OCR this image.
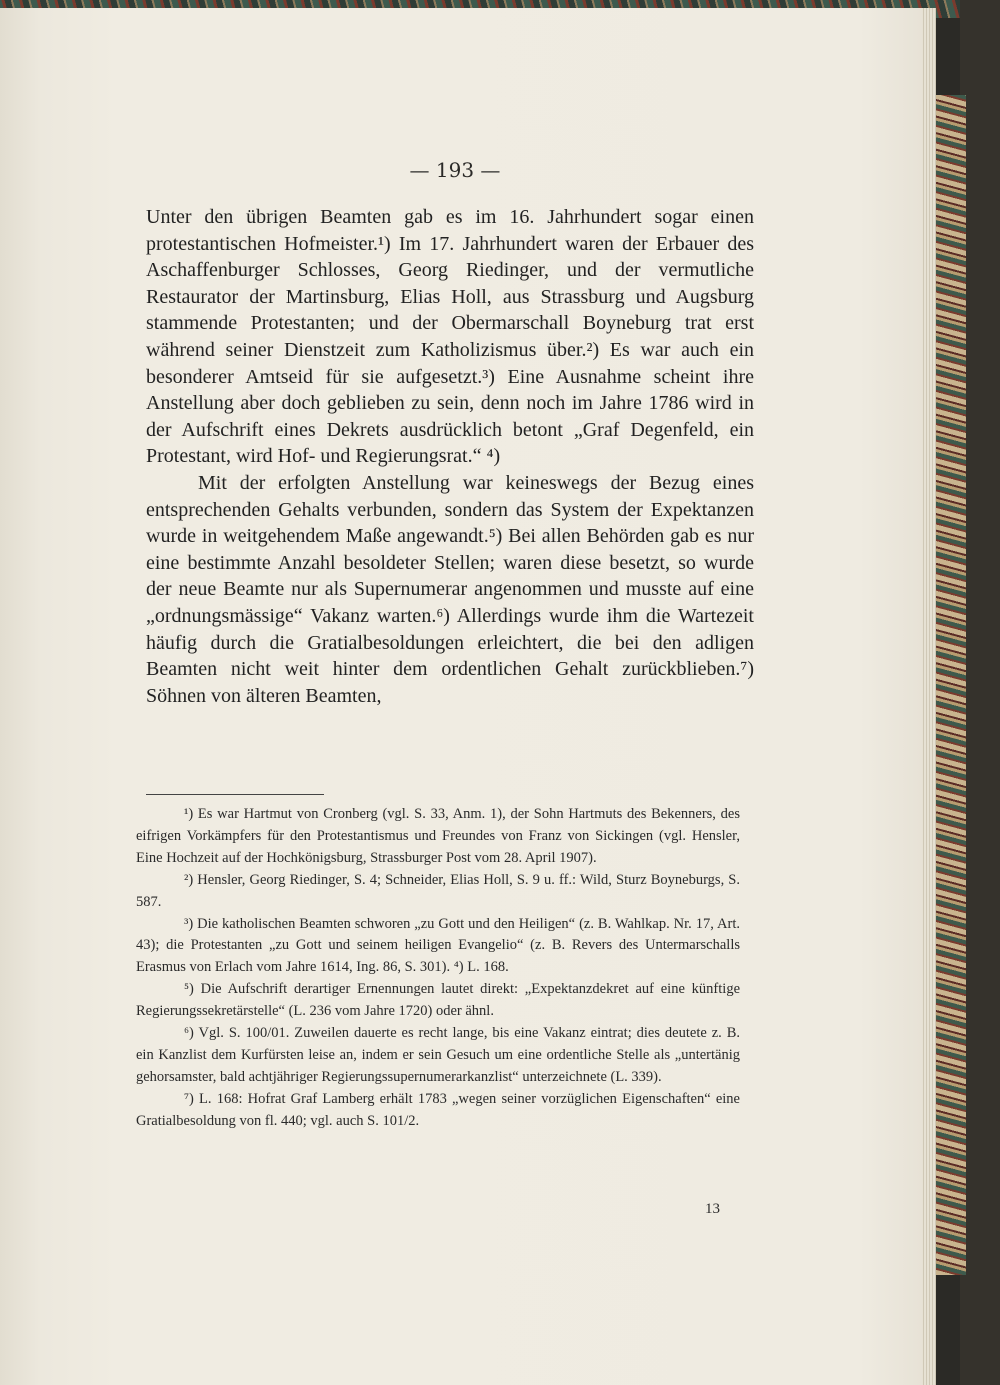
— 193 —

Unter den übrigen Beamten gab es im 16. Jahrhundert sogar einen protestantischen Hofmeister.¹) Im 17. Jahrhundert waren der Erbauer des Aschaffenburger Schlosses, Georg Riedinger, und der vermutliche Restaurator der Martinsburg, Elias Holl, aus Strassburg und Augsburg stammende Protestanten; und der Obermarschall Boyneburg trat erst während seiner Dienstzeit zum Katholizismus über.²) Es war auch ein besonderer Amtseid für sie aufgesetzt.³) Eine Ausnahme scheint ihre Anstellung aber doch geblieben zu sein, denn noch im Jahre 1786 wird in der Aufschrift eines Dekrets ausdrücklich betont „Graf Degenfeld, ein Protestant, wird Hof- und Regierungsrat.“ ⁴)

Mit der erfolgten Anstellung war keineswegs der Bezug eines entsprechenden Gehalts verbunden, sondern das System der Expektanzen wurde in weitgehendem Maße angewandt.⁵) Bei allen Behörden gab es nur eine bestimmte Anzahl besoldeter Stellen; waren diese besetzt, so wurde der neue Beamte nur als Supernumerar angenommen und musste auf eine „ordnungsmässige“ Vakanz warten.⁶) Allerdings wurde ihm die Wartezeit häufig durch die Gratialbesoldungen erleichtert, die bei den adligen Beamten nicht weit hinter dem ordentlichen Gehalt zurückblieben.⁷) Söhnen von älteren Beamten,

¹) Es war Hartmut von Cronberg (vgl. S. 33, Anm. 1), der Sohn Hartmuts des Bekenners, des eifrigen Vorkämpfers für den Protestantismus und Freundes von Franz von Sickingen (vgl. Hensler, Eine Hochzeit auf der Hochkönigsburg, Strassburger Post vom 28. April 1907).

²) Hensler, Georg Riedinger, S. 4; Schneider, Elias Holl, S. 9 u. ff.: Wild, Sturz Boyneburgs, S. 587.

³) Die katholischen Beamten schworen „zu Gott und den Heiligen“ (z. B. Wahlkap. Nr. 17, Art. 43); die Protestanten „zu Gott und seinem heiligen Evangelio“ (z. B. Revers des Untermarschalls Erasmus von Erlach vom Jahre 1614, Ing. 86, S. 301). ⁴) L. 168.

⁵) Die Aufschrift derartiger Ernennungen lautet direkt: „Expektanzdekret auf eine künftige Regierungssekretärstelle“ (L. 236 vom Jahre 1720) oder ähnl.

⁶) Vgl. S. 100/01. Zuweilen dauerte es recht lange, bis eine Vakanz eintrat; dies deutete z. B. ein Kanzlist dem Kurfürsten leise an, indem er sein Gesuch um eine ordentliche Stelle als „untertänig gehorsamster, bald achtjähriger Regierungssupernumerarkanzlist“ unterzeichnete (L. 339).

⁷) L. 168: Hofrat Graf Lamberg erhält 1783 „wegen seiner vorzüglichen Eigenschaften“ eine Gratialbesoldung von fl. 440; vgl. auch S. 101/2.

13
